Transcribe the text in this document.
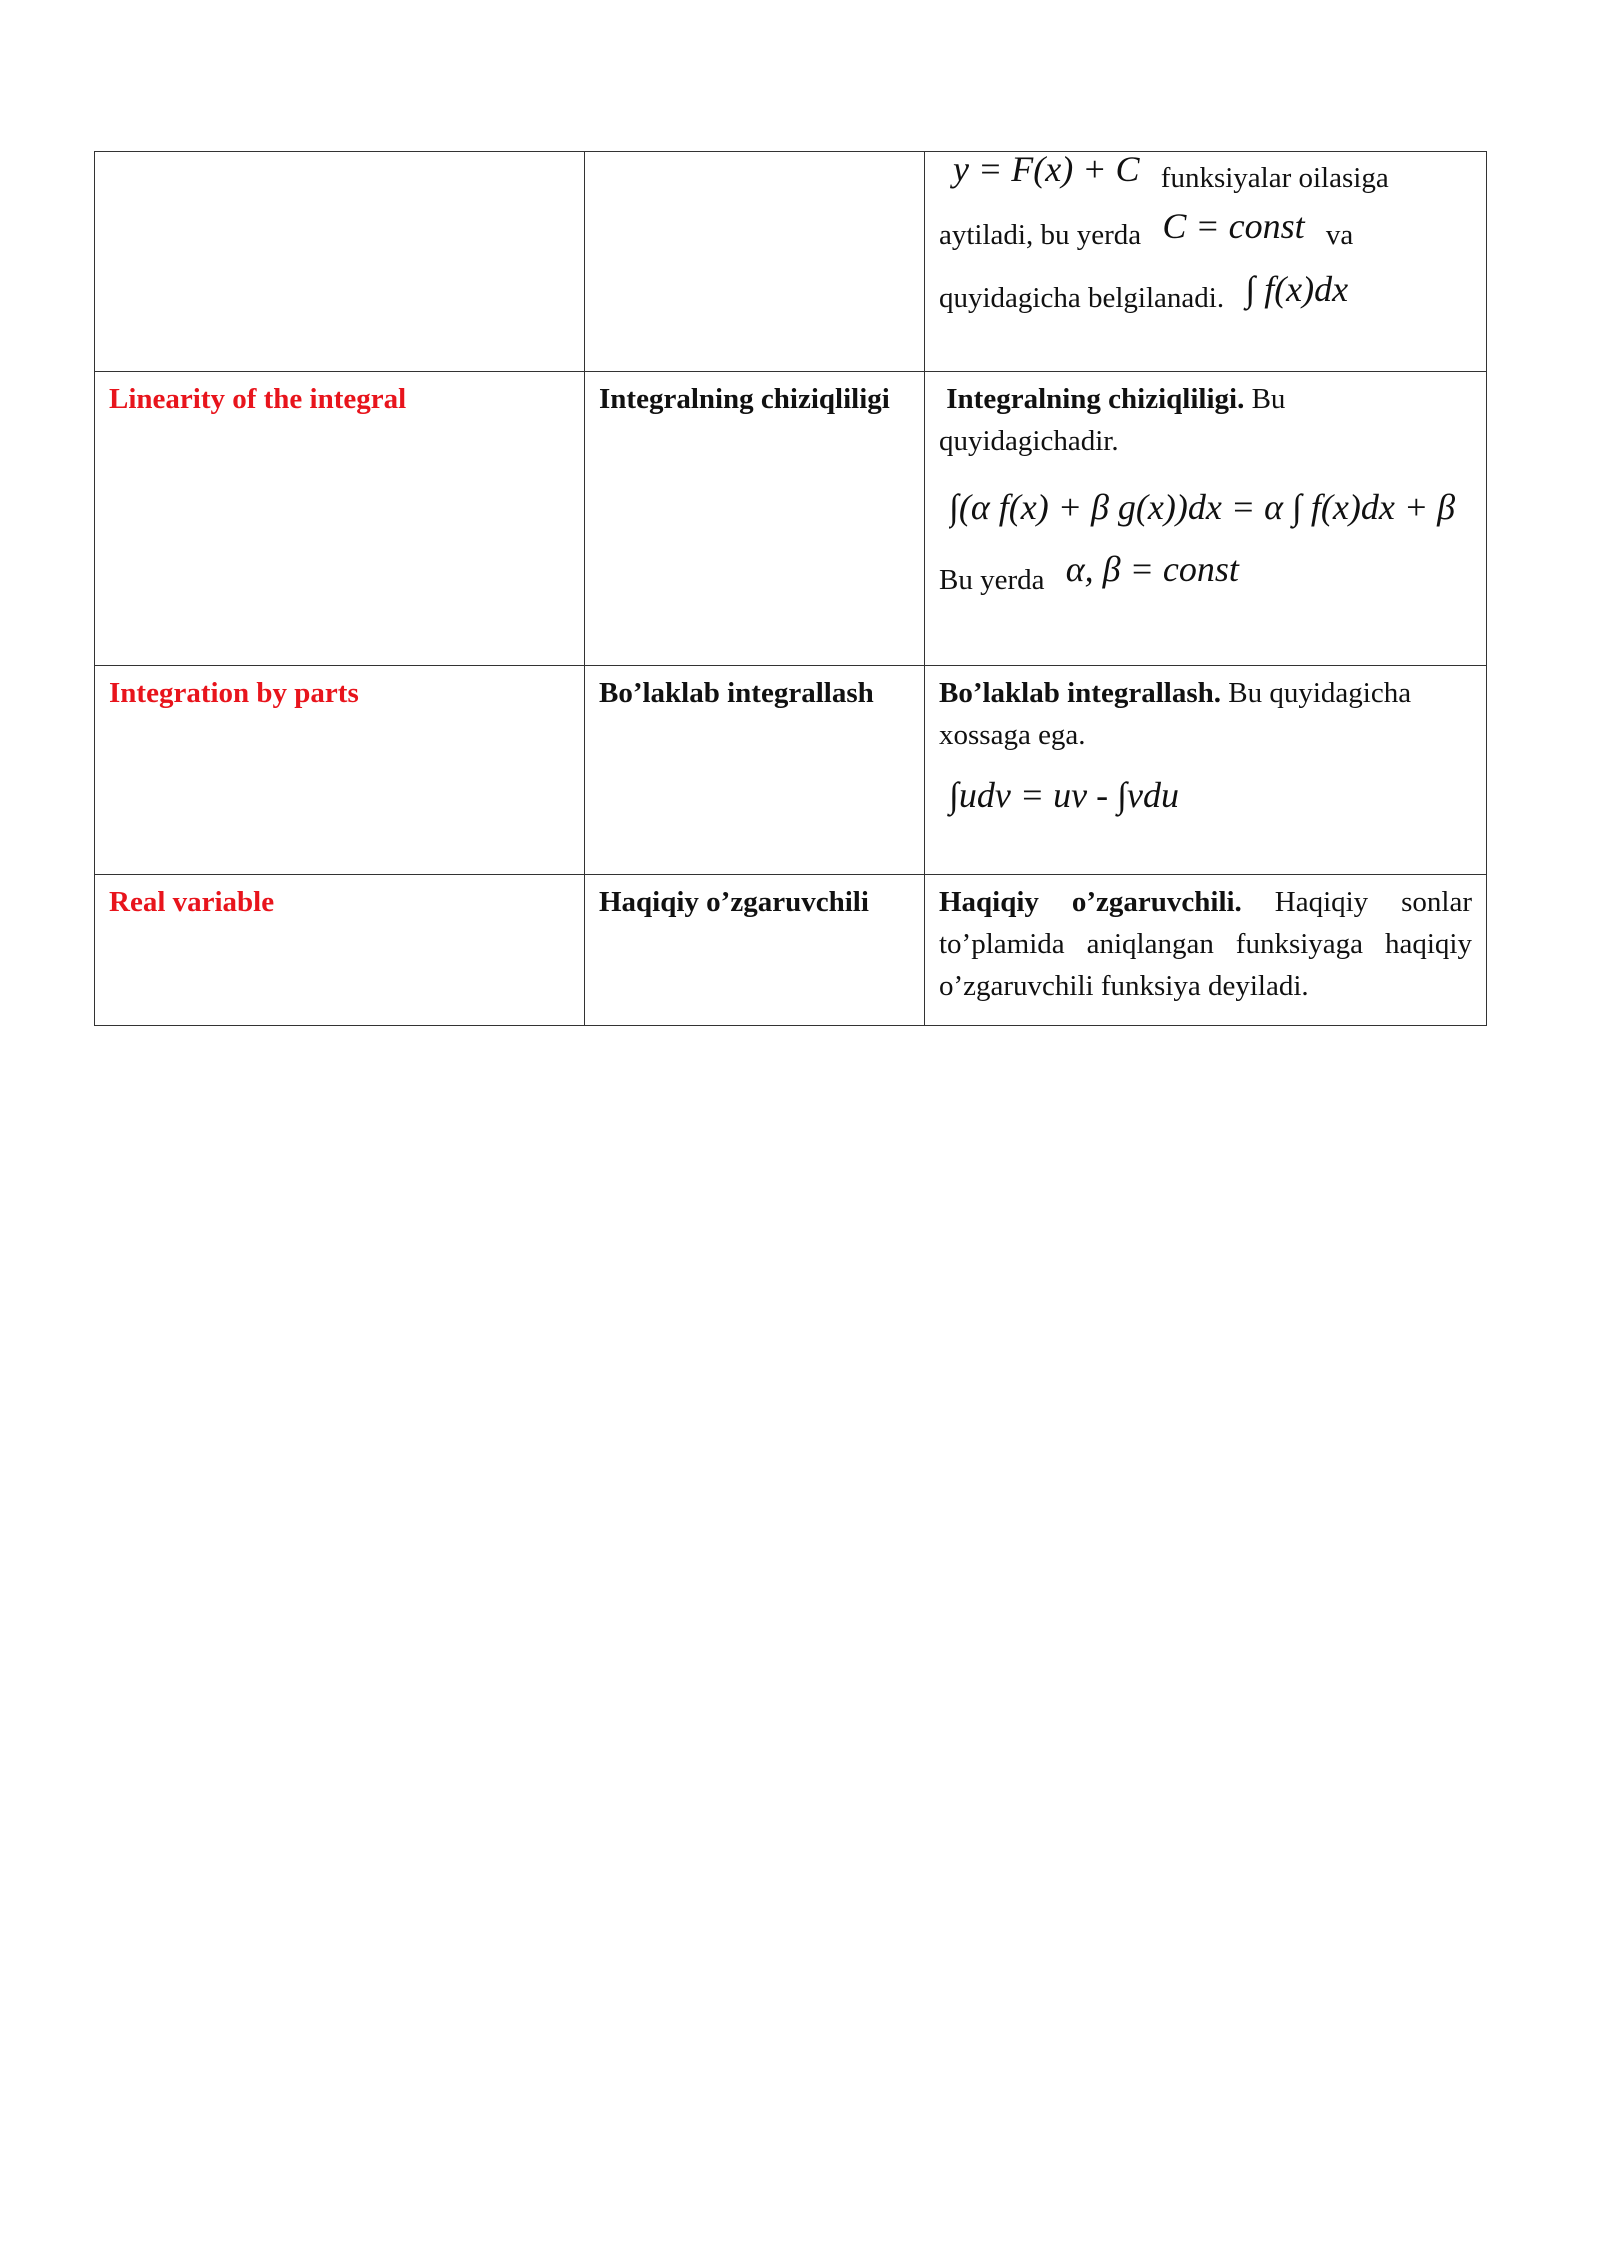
		y = F(x) + C funksiyalar oilasiga
aytiladi, bu yerda C = const va
quyidagicha belgilanadi. ∫ f(x)dx

Linearity of the integral	Integralning chiziqliligi	Integralning chiziqliligi. Bu quyidagichadir.
∫(α f(x) + β g(x))dx = α ∫ f(x)dx + β
Bu yerda α, β = const

Integration by parts	Bo’laklab integrallash	Bo’laklab integrallash. Bu quyidagicha xossaga ega.
∫udv = uv - ∫vdu

Real variable	Haqiqiy o’zgaruvchili	Haqiqiy o’zgaruvchili. Haqiqiy sonlar to’plamida aniqlangan funksiyaga haqiqiy o’zgaruvchili funksiya deyiladi.
